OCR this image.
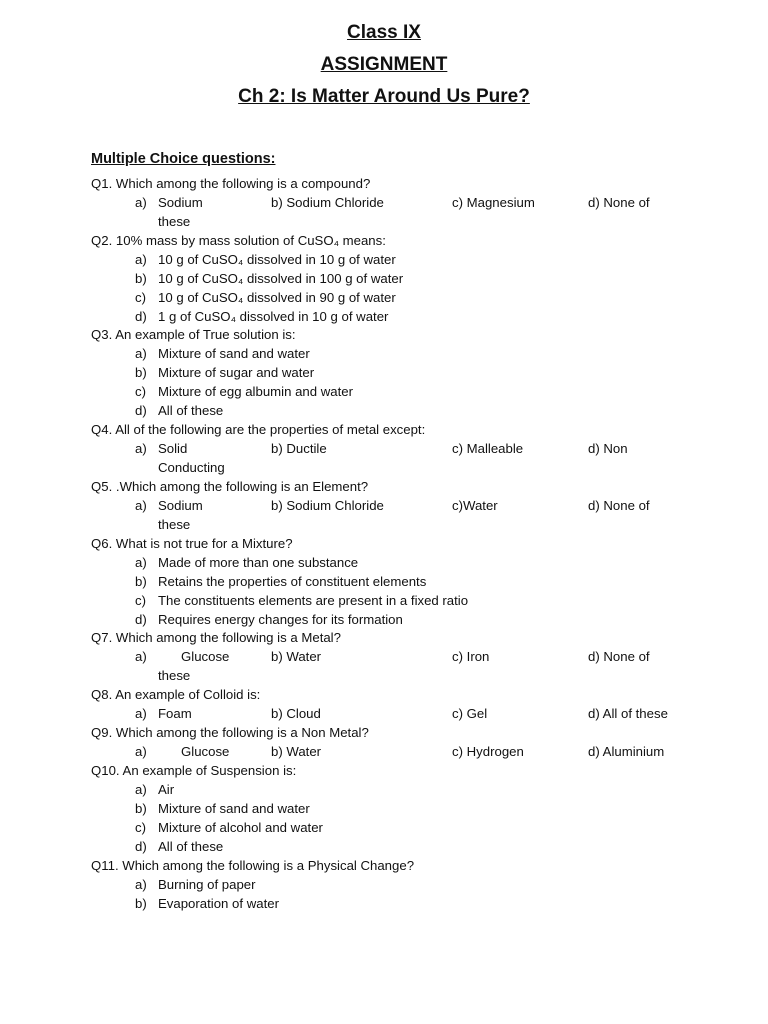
Class IX
ASSIGNMENT
Ch 2: Is Matter Around Us Pure?
Multiple Choice questions:
Q1. Which among the following is a compound?
a) Sodium	b) Sodium Chloride	c) Magnesium	d) None of
these
Q2. 10% mass by mass solution of CuSO₄ means:
a) 10 g of CuSO₄ dissolved in 10 g of water
b) 10 g of CuSO₄ dissolved in 100 g of water
c) 10 g of CuSO₄ dissolved in 90 g of water
d) 1 g of CuSO₄ dissolved in 10 g of water
Q3. An example of True solution is:
a) Mixture of sand and water
b) Mixture of sugar and water
c) Mixture of egg albumin and water
d) All of these
Q4. All of the following are the properties of metal except:
a) Solid	b) Ductile	c) Malleable	d) Non
Conducting
Q5. .Which among the following is an Element?
a) Sodium	b) Sodium Chloride	c)Water	d) None of
these
Q6. What is not true for a Mixture?
a) Made of more than one substance
b) Retains the properties of constituent elements
c) The constituents elements are present in a fixed ratio
d) Requires energy changes for its formation
Q7. Which among the following is a Metal?
a)	Glucose	b) Water	c) Iron	d) None of
these
Q8. An example of Colloid is:
a) Foam	b) Cloud	c) Gel	d) All of these
Q9. Which among the following is a Non Metal?
a)	Glucose	b) Water	c) Hydrogen	d) Aluminium
Q10. An example of Suspension is:
a) Air
b) Mixture of sand and water
c) Mixture of alcohol and water
d) All of these
Q11. Which among the following is a Physical Change?
a) Burning of paper
b) Evaporation of water
